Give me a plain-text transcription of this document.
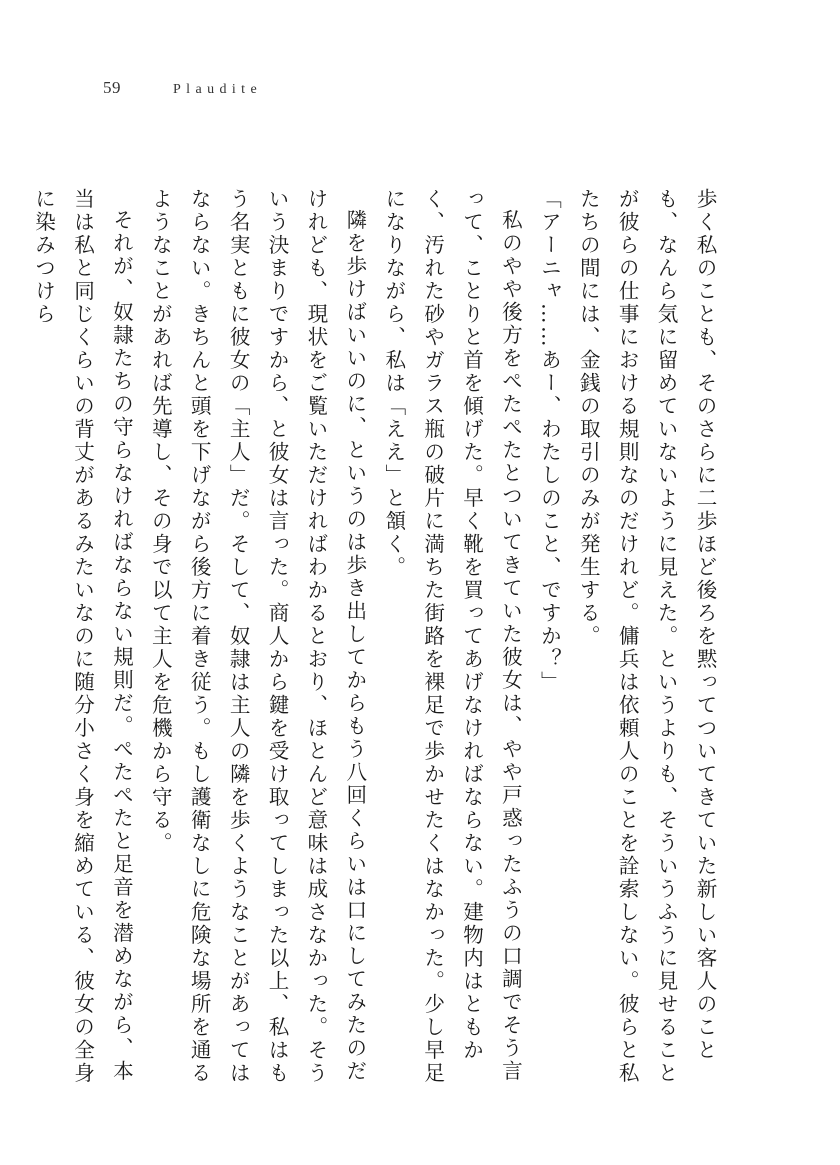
59	Plaudite

歩く私のことも、そのさらに二歩ほど後ろを黙ってついてきていた新しい客人のことも、なんら気に留めていないように見えた。というよりも、そういうふうに見せることが彼らの仕事における規則なのだけれど。傭兵は依頼人のことを詮索しない。彼らと私たちの間には、金銭の取引のみが発生する。

「アーニャ……あー、わたしのこと、ですか？」

私のやや後方をぺたぺたとついてきていた彼女は、やや戸惑ったふうの口調でそう言って、ことりと首を傾げた。早く靴を買ってあげなければならない。建物内はともかく、汚れた砂やガラス瓶の破片に満ちた街路を裸足で歩かせたくはなかった。少し早足になりながら、私は「ええ」と頷く。

隣を歩けばいいのに、というのは歩き出してからもう八回くらいは口にしてみたのだけれども、現状をご覧いただければわかるとおり、ほとんど意味は成さなかった。そういう決まりですから、と彼女は言った。商人から鍵を受け取ってしまった以上、私はもう名実ともに彼女の「主人」だ。そして、奴隷は主人の隣を歩くようなことがあってはならない。きちんと頭を下げながら後方に着き従う。もし護衛なしに危険な場所を通るようなことがあれば先導し、その身で以て主人を危機から守る。

それが、奴隷たちの守らなければならない規則だ。ぺたぺたと足音を潜めながら、本当は私と同じくらいの背丈があるみたいなのに随分小さく身を縮めている、彼女の全身に染みつけら
